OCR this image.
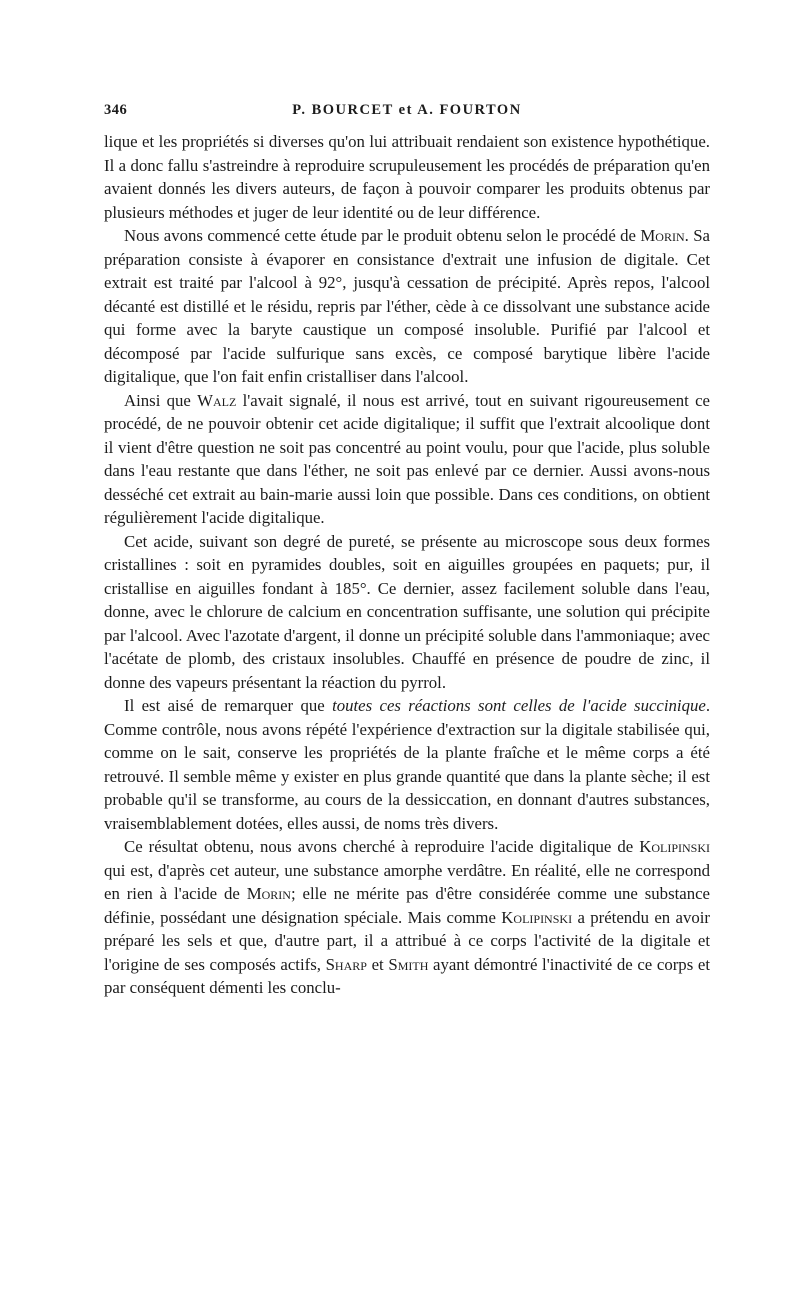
346	P. BOURCET et A. FOURTON

lique et les propriétés si diverses qu'on lui attribuait rendaient son existence hypothétique. Il a donc fallu s'astreindre à reproduire scrupuleusement les procédés de préparation qu'en avaient donnés les divers auteurs, de façon à pouvoir comparer les produits obtenus par plusieurs méthodes et juger de leur identité ou de leur différence.

Nous avons commencé cette étude par le produit obtenu selon le procédé de Morin. Sa préparation consiste à évaporer en consistance d'extrait une infusion de digitale. Cet extrait est traité par l'alcool à 92°, jusqu'à cessation de précipité. Après repos, l'alcool décanté est distillé et le résidu, repris par l'éther, cède à ce dissolvant une substance acide qui forme avec la baryte caustique un composé insoluble. Purifié par l'alcool et décomposé par l'acide sulfurique sans excès, ce composé barytique libère l'acide digitalique, que l'on fait enfin cristalliser dans l'alcool.

Ainsi que Walz l'avait signalé, il nous est arrivé, tout en suivant rigoureusement ce procédé, de ne pouvoir obtenir cet acide digitalique; il suffit que l'extrait alcoolique dont il vient d'être question ne soit pas concentré au point voulu, pour que l'acide, plus soluble dans l'eau restante que dans l'éther, ne soit pas enlevé par ce dernier. Aussi avons-nous desséché cet extrait au bain-marie aussi loin que possible. Dans ces conditions, on obtient régulièrement l'acide digitalique.

Cet acide, suivant son degré de pureté, se présente au microscope sous deux formes cristallines : soit en pyramides doubles, soit en aiguilles groupées en paquets; pur, il cristallise en aiguilles fondant à 185°. Ce dernier, assez facilement soluble dans l'eau, donne, avec le chlorure de calcium en concentration suffisante, une solution qui précipite par l'alcool. Avec l'azotate d'argent, il donne un précipité soluble dans l'ammoniaque; avec l'acétate de plomb, des cristaux insolubles. Chauffé en présence de poudre de zinc, il donne des vapeurs présentant la réaction du pyrrol.

Il est aisé de remarquer que toutes ces réactions sont celles de l'acide succinique. Comme contrôle, nous avons répété l'expérience d'extraction sur la digitale stabilisée qui, comme on le sait, conserve les propriétés de la plante fraîche et le même corps a été retrouvé. Il semble même y exister en plus grande quantité que dans la plante sèche; il est probable qu'il se transforme, au cours de la dessiccation, en donnant d'autres substances, vraisemblablement dotées, elles aussi, de noms très divers.

Ce résultat obtenu, nous avons cherché à reproduire l'acide digitalique de Kolipinski qui est, d'après cet auteur, une substance amorphe verdâtre. En réalité, elle ne correspond en rien à l'acide de Morin; elle ne mérite pas d'être considérée comme une substance définie, possédant une désignation spéciale. Mais comme Kolipinski a prétendu en avoir préparé les sels et que, d'autre part, il a attribué à ce corps l'activité de la digitale et l'origine de ses composés actifs, Sharp et Smith ayant démontré l'inactivité de ce corps et par conséquent démenti les conclu-
